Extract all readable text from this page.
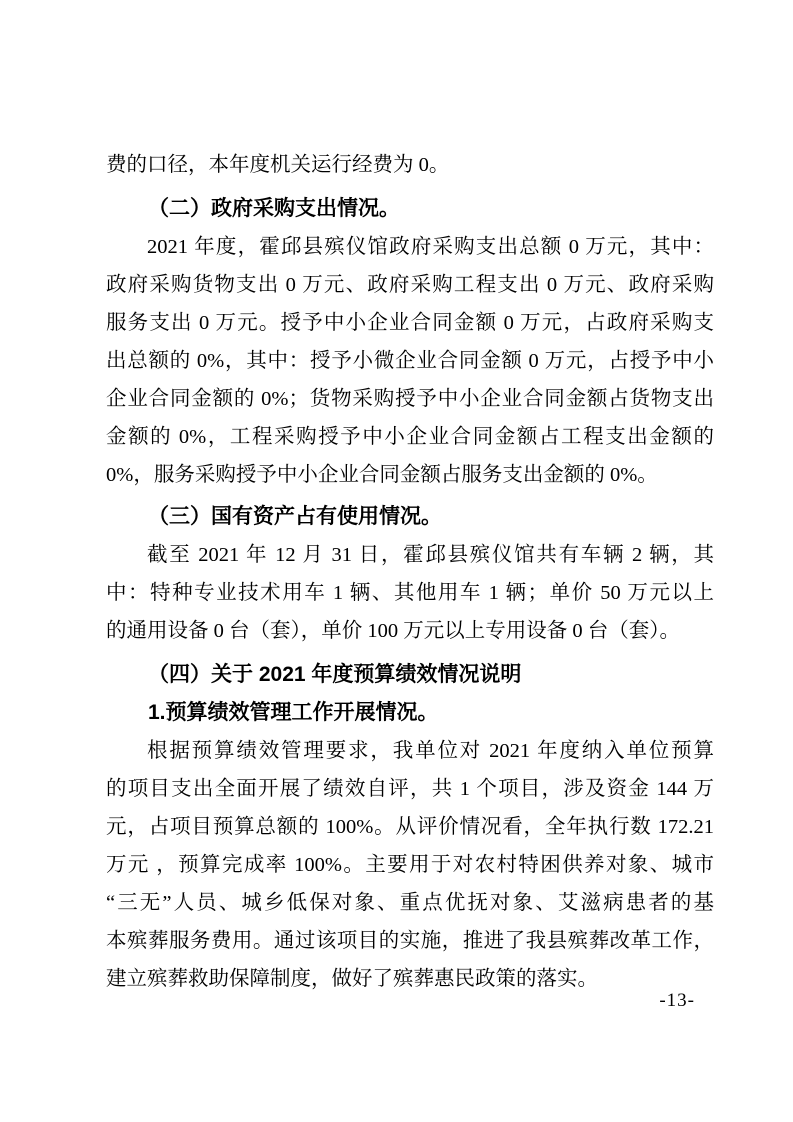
费的口径，本年度机关运行经费为 0。
（二）政府采购支出情况。
2021 年度，霍邱县殡仪馆政府采购支出总额 0 万元，其中：
政府采购货物支出 0 万元、政府采购工程支出 0 万元、政府采购
服务支出 0 万元。授予中小企业合同金额 0 万元，占政府采购支
出总额的 0%，其中：授予小微企业合同金额 0 万元，占授予中小
企业合同金额的 0%；货物采购授予中小企业合同金额占货物支出
金额的 0%，工程采购授予中小企业合同金额占工程支出金额的
0%，服务采购授予中小企业合同金额占服务支出金额的 0%。
（三）国有资产占有使用情况。
截至 2021 年 12 月 31 日，霍邱县殡仪馆共有车辆 2 辆，其
中：特种专业技术用车 1 辆、其他用车 1 辆；单价 50 万元以上
的通用设备 0 台（套），单价 100 万元以上专用设备 0 台（套）。
（四）关于 2021 年度预算绩效情况说明
1.预算绩效管理工作开展情况。
根据预算绩效管理要求，我单位对 2021 年度纳入单位预算
的项目支出全面开展了绩效自评，共 1 个项目，涉及资金 144 万
元，占项目预算总额的 100%。从评价情况看，全年执行数 172.21
万元 ，预算完成率 100%。主要用于对农村特困供养对象、城市
“三无”人员、城乡低保对象、重点优抚对象、艾滋病患者的基
本殡葬服务费用。通过该项目的实施，推进了我县殡葬改革工作，
建立殡葬救助保障制度，做好了殡葬惠民政策的落实。
-13-
